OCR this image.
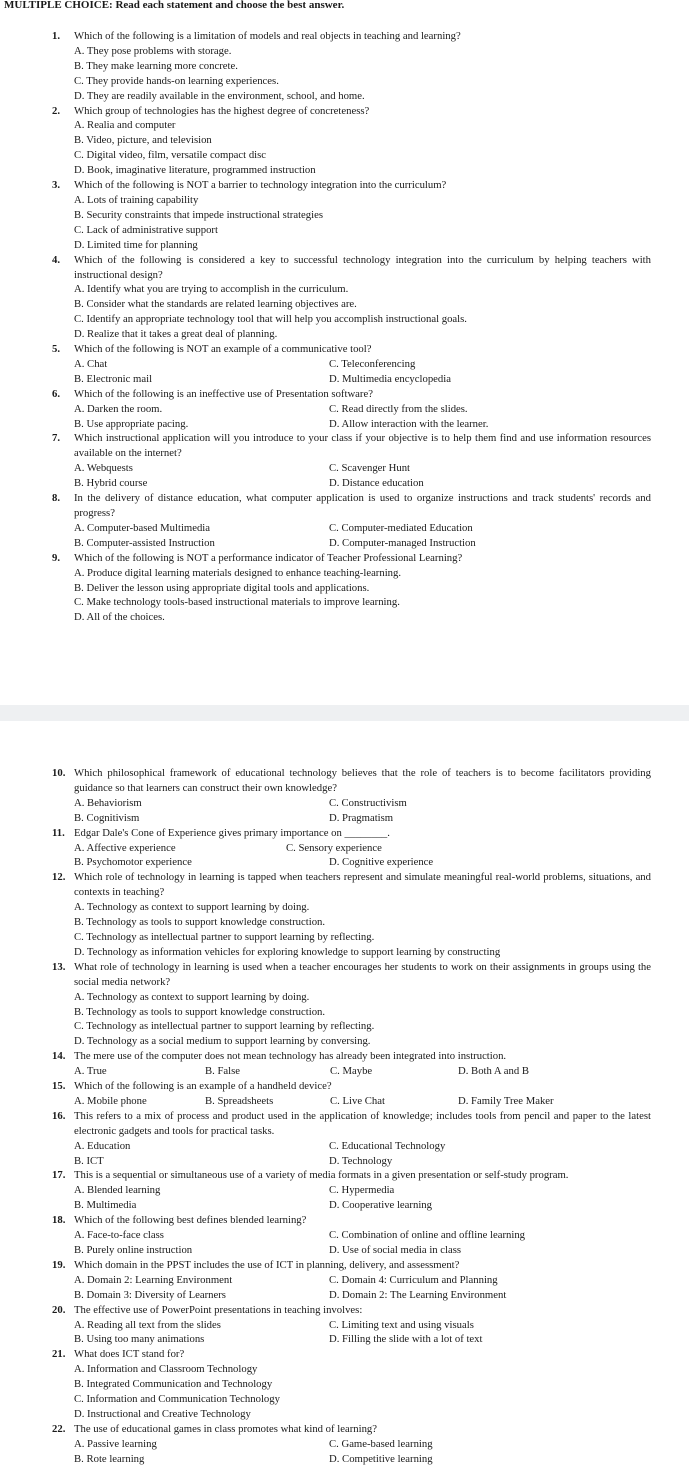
MULTIPLE CHOICE: Read each statement and choose the best answer.
1. Which of the following is a limitation of models and real objects in teaching and learning?
A. They pose problems with storage.
B. They make learning more concrete.
C. They provide hands-on learning experiences.
D. They are readily available in the environment, school, and home.
2. Which group of technologies has the highest degree of concreteness?
A. Realia and computer
B. Video, picture, and television
C. Digital video, film, versatile compact disc
D. Book, imaginative literature, programmed instruction
3. Which of the following is NOT a barrier to technology integration into the curriculum?
A. Lots of training capability
B. Security constraints that impede instructional strategies
C. Lack of administrative support
D. Limited time for planning
4. Which of the following is considered a key to successful technology integration into the curriculum by helping teachers with instructional design?
A. Identify what you are trying to accomplish in the curriculum.
B. Consider what the standards are related learning objectives are.
C. Identify an appropriate technology tool that will help you accomplish instructional goals.
D. Realize that it takes a great deal of planning.
5. Which of the following is NOT an example of a communicative tool?
A. Chat	C. Teleconferencing
B. Electronic mail	D. Multimedia encyclopedia
6. Which of the following is an ineffective use of Presentation software?
A. Darken the room.	C. Read directly from the slides.
B. Use appropriate pacing.	D. Allow interaction with the learner.
7. Which instructional application will you introduce to your class if your objective is to help them find and use information resources available on the internet?
A. Webquests	C. Scavenger Hunt
B. Hybrid course	D. Distance education
8. In the delivery of distance education, what computer application is used to organize instructions and track students' records and progress?
A. Computer-based Multimedia	C. Computer-mediated Education
B. Computer-assisted Instruction	D. Computer-managed Instruction
9. Which of the following is NOT a performance indicator of Teacher Professional Learning?
A. Produce digital learning materials designed to enhance teaching-learning.
B. Deliver the lesson using appropriate digital tools and applications.
C. Make technology tools-based instructional materials to improve learning.
D. All of the choices.
10. Which philosophical framework of educational technology believes that the role of teachers is to become facilitators providing guidance so that learners can construct their own knowledge?
A. Behaviorism	C. Constructivism
B. Cognitivism	D. Pragmatism
11. Edgar Dale's Cone of Experience gives primary importance on ________.
A. Affective experience	C. Sensory experience
B. Psychomotor experience	D. Cognitive experience
12. Which role of technology in learning is tapped when teachers represent and simulate meaningful real-world problems, situations, and contexts in teaching?
A. Technology as context to support learning by doing.
B. Technology as tools to support knowledge construction.
C. Technology as intellectual partner to support learning by reflecting.
D. Technology as information vehicles for exploring knowledge to support learning by constructing
13. What role of technology in learning is used when a teacher encourages her students to work on their assignments in groups using the social media network?
A. Technology as context to support learning by doing.
B. Technology as tools to support knowledge construction.
C. Technology as intellectual partner to support learning by reflecting.
D. Technology as a social medium to support learning by conversing.
14. The mere use of the computer does not mean technology has already been integrated into instruction.
A. True	B. False	C. Maybe	D. Both A and B
15. Which of the following is an example of a handheld device?
A. Mobile phone	B. Spreadsheets	C. Live Chat	D. Family Tree Maker
16. This refers to a mix of process and product used in the application of knowledge; includes tools from pencil and paper to the latest electronic gadgets and tools for practical tasks.
A. Education	C. Educational Technology
B. ICT	D. Technology
17. This is a sequential or simultaneous use of a variety of media formats in a given presentation or self-study program.
A. Blended learning	C. Hypermedia
B. Multimedia	D. Cooperative learning
18. Which of the following best defines blended learning?
A. Face-to-face class	C. Combination of online and offline learning
B. Purely online instruction	D. Use of social media in class
19. Which domain in the PPST includes the use of ICT in planning, delivery, and assessment?
A. Domain 2: Learning Environment	C. Domain 4: Curriculum and Planning
B. Domain 3: Diversity of Learners	D. Domain 2: The Learning Environment
20. The effective use of PowerPoint presentations in teaching involves:
A. Reading all text from the slides	C. Limiting text and using visuals
B. Using too many animations	D. Filling the slide with a lot of text
21. What does ICT stand for?
A. Information and Classroom Technology
B. Integrated Communication and Technology
C. Information and Communication Technology
D. Instructional and Creative Technology
22. The use of educational games in class promotes what kind of learning?
A. Passive learning	C. Game-based learning
B. Rote learning	D. Competitive learning
